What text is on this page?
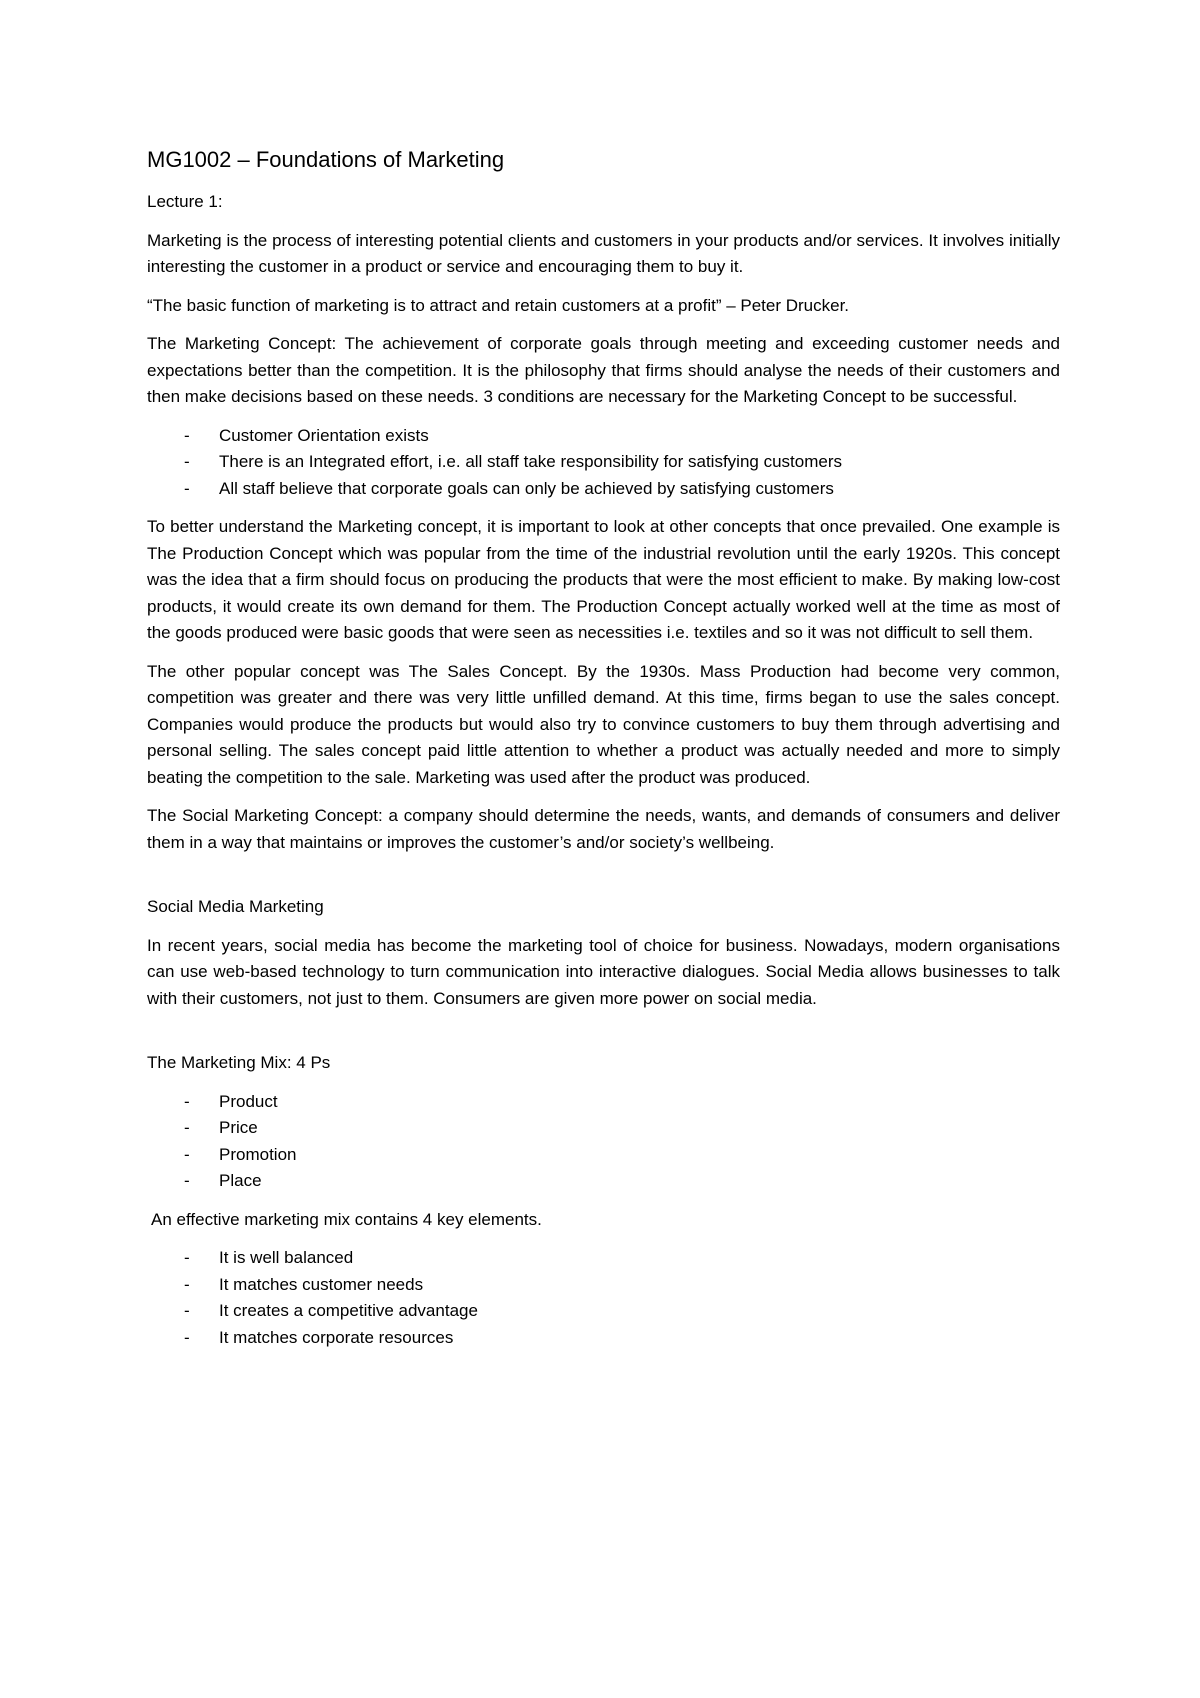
MG1002 – Foundations of Marketing

Lecture 1:

Marketing is the process of interesting potential clients and customers in your products and/or services. It involves initially interesting the customer in a product or service and encouraging them to buy it.

“The basic function of marketing is to attract and retain customers at a profit” – Peter Drucker.

The Marketing Concept: The achievement of corporate goals through meeting and exceeding customer needs and expectations better than the competition. It is the philosophy that firms should analyse the needs of their customers and then make decisions based on these needs. 3 conditions are necessary for the Marketing Concept to be successful.

- Customer Orientation exists
- There is an Integrated effort, i.e. all staff take responsibility for satisfying customers
- All staff believe that corporate goals can only be achieved by satisfying customers

To better understand the Marketing concept, it is important to look at other concepts that once prevailed. One example is The Production Concept which was popular from the time of the industrial revolution until the early 1920s. This concept was the idea that a firm should focus on producing the products that were the most efficient to make. By making low-cost products, it would create its own demand for them. The Production Concept actually worked well at the time as most of the goods produced were basic goods that were seen as necessities i.e. textiles and so it was not difficult to sell them.

The other popular concept was The Sales Concept. By the 1930s. Mass Production had become very common, competition was greater and there was very little unfilled demand. At this time, firms began to use the sales concept. Companies would produce the products but would also try to convince customers to buy them through advertising and personal selling. The sales concept paid little attention to whether a product was actually needed and more to simply beating the competition to the sale. Marketing was used after the product was produced.

The Social Marketing Concept: a company should determine the needs, wants, and demands of consumers and deliver them in a way that maintains or improves the customer’s and/or society’s wellbeing.

Social Media Marketing

In recent years, social media has become the marketing tool of choice for business. Nowadays, modern organisations can use web-based technology to turn communication into interactive dialogues. Social Media allows businesses to talk with their customers, not just to them. Consumers are given more power on social media.

The Marketing Mix: 4 Ps

- Product
- Price
- Promotion
- Place

An effective marketing mix contains 4 key elements.

- It is well balanced
- It matches customer needs
- It creates a competitive advantage
- It matches corporate resources
